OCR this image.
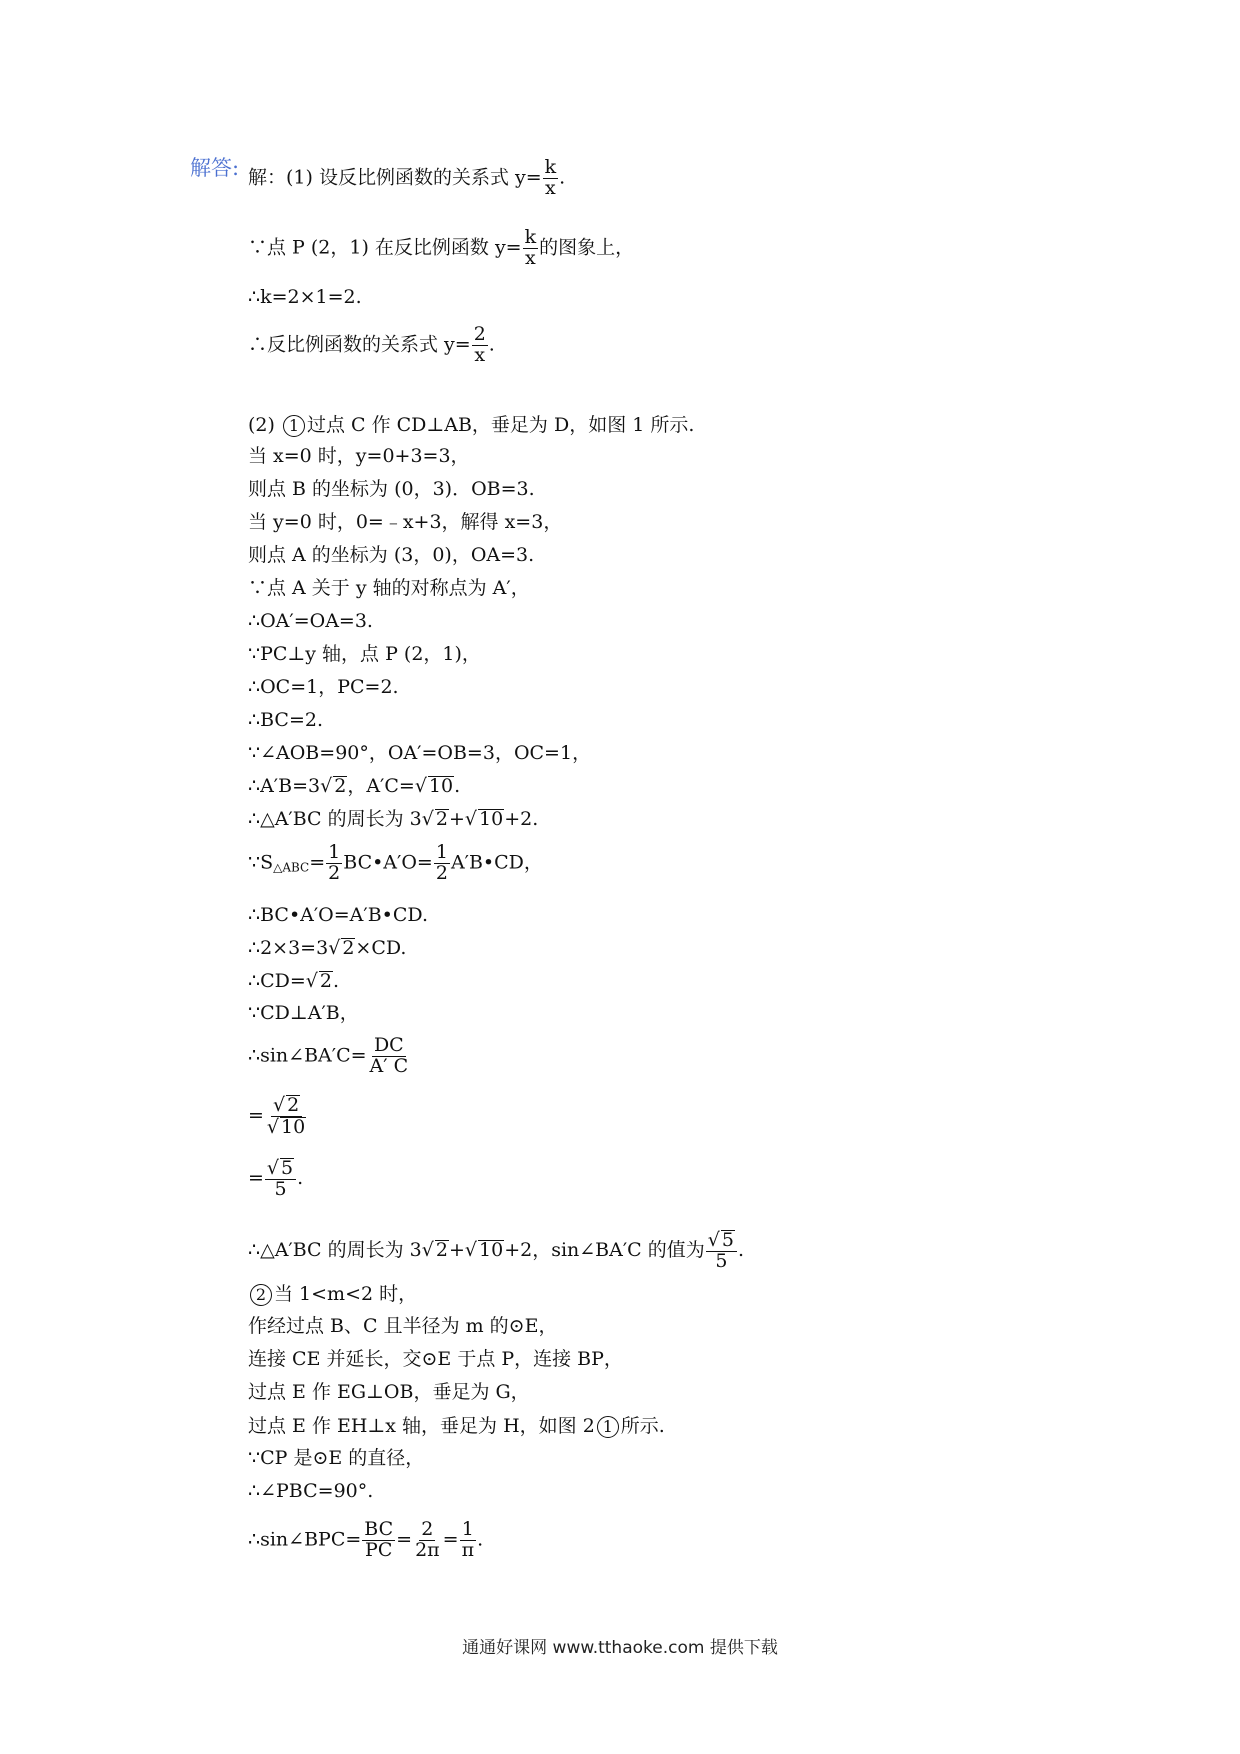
解答: 解：(1) 设反比例函数的关系式 $y= \frac{k}{x}$ .
∵点 P (2，1) 在反比例函数 $y= \frac{k}{x}$ 的图象上，
∴k=2×1=2.
∴反比例函数的关系式 $y= \frac{2}{x}$ .
(2) 1 过点 C 作 CD⊥AB，垂足为 D，如图 1 所示.
当 x=0 时，y=0+3=3，
则点 B 的坐标为 (0，3)．OB=3.
当 y=0 时，0=﹣x+3，解得 x=3，
则点 A 的坐标为 (3，0)，OA=3.
∵点 A 关于 y 轴的对称点为 A′，
∴OA′=OA=3.
∵PC⊥y 轴，点 P (2，1)，
∴OC=1，PC=2.
∴BC=2.
∵∠AOB=90°，OA′=OB=3，OC=1，
∴A′B=3√ 2，A′C=√ 10.
∴△A′BC 的周长为 3√ 2+√ 10+2.
$\because S_{\triangle ABC}= \frac{1}{2}$ BC•A′O= $\frac{1}{2}$ A′B•CD，
∴BC•A′O=A′B•CD.
∴2×3=3√ 2×CD.
∴CD=√ 2.
∵CD⊥A′B，
∴sin∠BA′C= $\frac{DC}{A' C}$
= $\frac{√ 2}{√ 10}$
= $\frac{√ 5}{5}$ .
∴△A′BC 的周长为 3√ 2+√ 10+2，sin∠BA′C 的值为 $\frac{√ 5}{5}$ .
2 当 1<m<2 时，
作经过点 B、C 且半径为 m 的⊙E，
连接 CE 并延长，交⊙E 于点 P，连接 BP，
过点 E 作 EG⊥OB，垂足为 G，
过点 E 作 EH⊥x 轴，垂足为 H，如图 2 1 所示.
∵CP 是⊙E 的直径，
∴∠PBC=90°.
∴sin∠BPC= $\frac{BC}{PC} = \frac{2}{2\pi} = \frac{1}{\pi}$ .
通通好课网 www.tthaoke.com 提供下载
